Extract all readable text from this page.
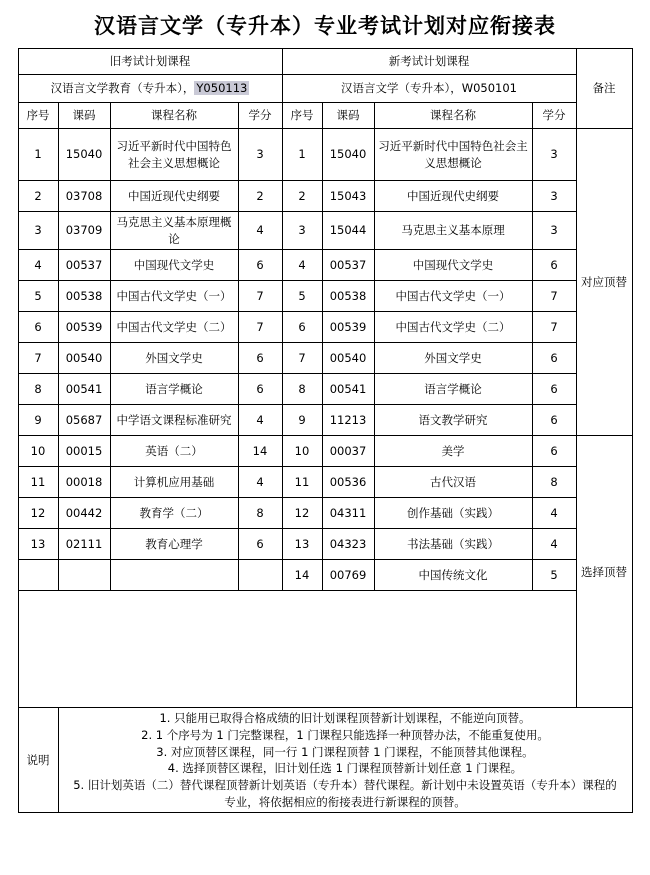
汉语言文学（专升本）专业考试计划对应衔接表
旧考试计划课程				新考试计划课程				备注
汉语言文学教育（专升本）， Y050113				汉语言文学（专升本），W050101				
序号	课码	课程名称	学分	序号	课码	课程名称	学分	
1	15040	习近平新时代中国特色社会主义思想概论	3	1	15040	习近平新时代中国特色社会主义思想概论	3	对应顶替
2	03708	中国近现代史纲要	2	2	15043	中国近现代史纲要	3	
3	03709	马克思主义基本原理概论	4	3	15044	马克思主义基本原理	3	
4	00537	中国现代文学史	6	4	00537	中国现代文学史	6	
5	00538	中国古代文学史（一）	7	5	00538	中国古代文学史（一）	7	
6	00539	中国古代文学史（二）	7	6	00539	中国古代文学史（二）	7	
7	00540	外国文学史	6	7	00540	外国文学史	6	
8	00541	语言学概论	6	8	00541	语言学概论	6	
9	05687	中学语文课程标准研究	4	9	11213	语文教学研究	6	
10	00015	英语（二）	14	10	00037	美学	6	选择顶替
11	00018	计算机应用基础	4	11	00536	古代汉语	8	
12	00442	教育学（二）	8	12	04311	创作基础（实践）	4	
13	02111	教育心理学	6	13	04323	书法基础（实践）	4	
				14	00769	中国传统文化	5	

说明	
1. 只能用已取得合格成绩的旧计划课程顶替新计划课程，不能逆向顶替。
2. 1 个序号为 1 门完整课程，1 门课程只能选择一种顶替办法，不能重复使用。
3. 对应顶替区课程，同一行 1 门课程顶替 1 门课程，不能顶替其他课程。
4. 选择顶替区课程，旧计划任选 1 门课程顶替新计划任意 1 门课程。
5. 旧计划英语（二）替代课程顶替新计划英语（专升本）替代课程。新计划中未设置英语（专升本）课程的
专业，将依据相应的衔接表进行新课程的顶替。
